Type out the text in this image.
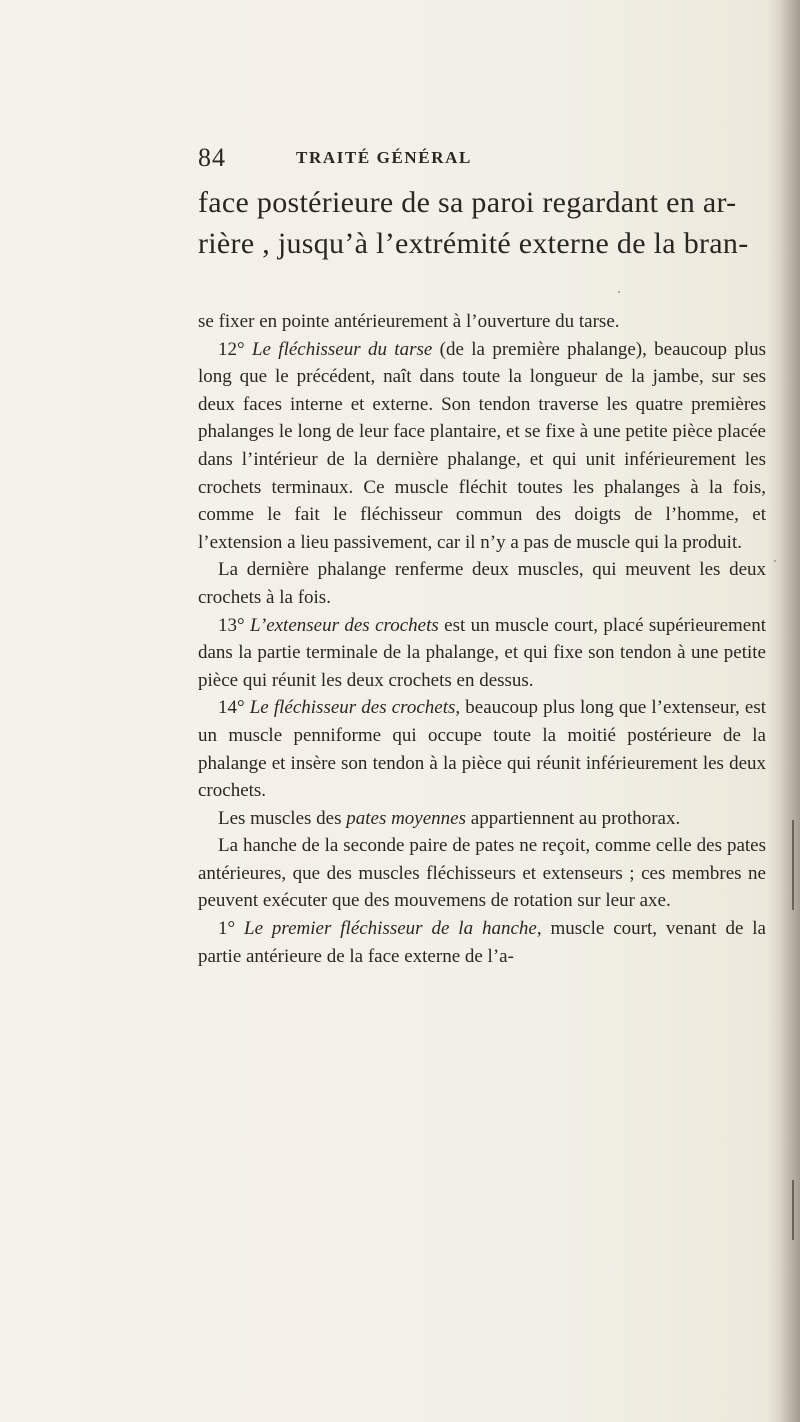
84	TRAITÉ GÉNÉRAL

face postérieure de sa paroi regardant en ar-

rière , jusqu’à l’extrémité externe de la bran-

se fixer en pointe antérieurement à l’ouverture du tarse.

12° Le fléchisseur du tarse (de la première phalange), beaucoup plus long que le précédent, naît dans toute la longueur de la jambe, sur ses deux faces interne et externe. Son tendon traverse les quatre premières phalanges le long de leur face plantaire, et se fixe à une petite pièce placée dans l’intérieur de la dernière phalange, et qui unit inférieurement les crochets terminaux. Ce muscle fléchit toutes les phalanges à la fois, comme le fait le fléchisseur commun des doigts de l’homme, et l’extension a lieu passivement, car il n’y a pas de muscle qui la produit.

La dernière phalange renferme deux muscles, qui meuvent les deux crochets à la fois.

13° L’extenseur des crochets est un muscle court, placé supérieurement dans la partie terminale de la phalange, et qui fixe son tendon à une petite pièce qui réunit les deux crochets en dessus.

14° Le fléchisseur des crochets, beaucoup plus long que l’extenseur, est un muscle penniforme qui occupe toute la moitié postérieure de la phalange et insère son tendon à la pièce qui réunit inférieurement les deux crochets.

Les muscles des pates moyennes appartiennent au prothorax.

La hanche de la seconde paire de pates ne reçoit, comme celle des pates antérieures, que des muscles fléchisseurs et extenseurs ; ces membres ne peuvent exécuter que des mouvemens de rotation sur leur axe.

1° Le premier fléchisseur de la hanche, muscle court, venant de la partie antérieure de la face externe de l’a-
